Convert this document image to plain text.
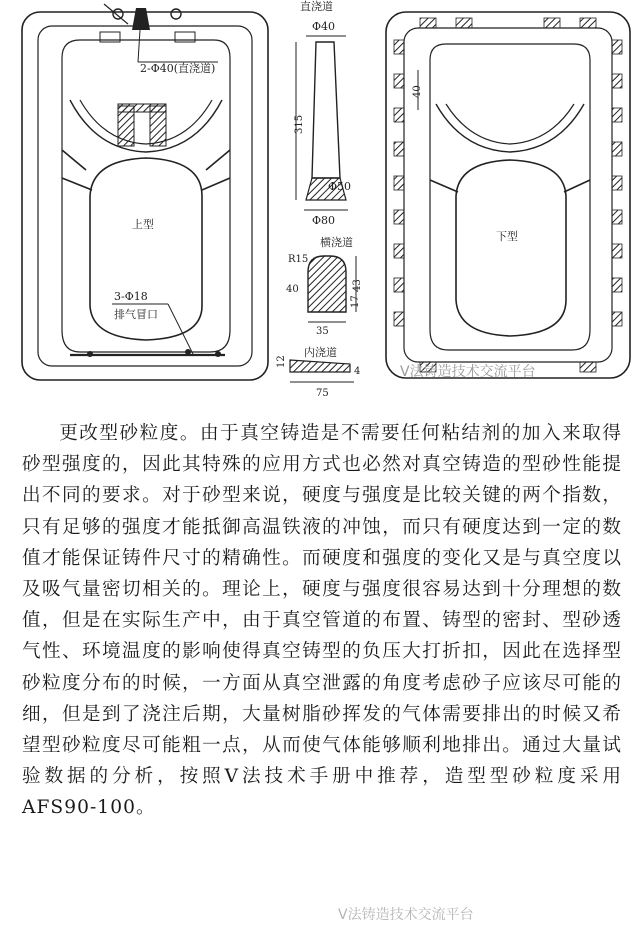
2-Φ40(直浇道)
上型
3-Φ18
排气冒口
直浇道
Φ40
315
Φ50
Φ80
横浇道
R15
43
40
17
35
内浇道
12
4
75
40
下型
V法铸造技术交流平台

更改型砂粒度。由于真空铸造是不需要任何粘结剂的加入来取得砂型强度的，因此其特殊的应用方式也必然对真空铸造的型砂性能提出不同的要求。对于砂型来说，硬度与强度是比较关键的两个指数，只有足够的强度才能抵御高温铁液的冲蚀，而只有硬度达到一定的数值才能保证铸件尺寸的精确性。而硬度和强度的变化又是与真空度以及吸气量密切相关的。理论上，硬度与强度很容易达到十分理想的数值，但是在实际生产中，由于真空管道的布置、铸型的密封、型砂透气性、环境温度的影响使得真空铸型的负压大打折扣，因此在选择型砂粒度分布的时候，一方面从真空泄露的角度考虑砂子应该尽可能的细，但是到了浇注后期，大量树脂砂挥发的气体需要排出的时候又希望型砂粒度尽可能粗一点，从而使气体能够顺利地排出。通过大量试验数据的分析，按照V法技术手册中推荐，造型型砂粒度采用AFS90-100。

V法铸造技术交流平台
